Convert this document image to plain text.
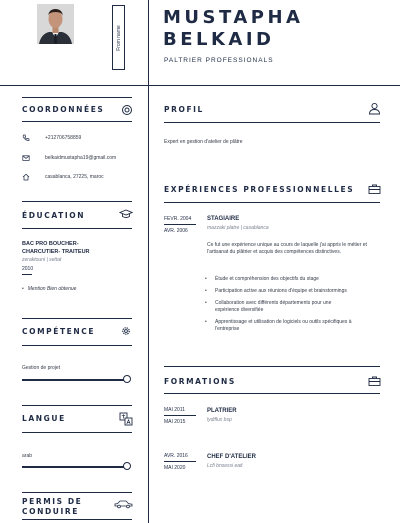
From name
MUSTAPHA
BELKAID
PALTRIER PROFESSIONALS
COORDONNÉES
+212706758859
belkaidmustapha19@gmail.com
casablanca, 27225, maroc
ÉDUCATION
BAC PRO BOUCHER-
CHARCUTIER- TRAITEUR
zeraktouni | settat
2010
• Mention Bien obtenue
COMPÉTENCE
Gestion de projet
LANGUE
arab
PERMIS DE
CONDUIRE
PROFIL
Expert en gestion d'atelier de plâtre
EXPÉRIENCES PROFESSIONNELLES
FEVR. 2004
AVR. 2006
STAGIAIRE
mazzaki platre | casablanca
Ce fut une expérience unique au cours de laquelle j'ai appris le métier et l'artisanat du plâtrier et acquis des compétences distinctives.
• Étude et compréhension des objectifs du stage
• Participation active aux réunions d'équipe et brainstormings
• Collaboration avec différents départements pour une expérience diversifiée
• Apprentissage et utilisation de logiciels ou outils spécifiques à l'entreprise
FORMATIONS
MAI 2011
MAI 2015
PLATRIER
lydiflux bsp
AVR. 2016
MAI 2020
CHEF D'ATELIER
Lcfi bnsessi eait
